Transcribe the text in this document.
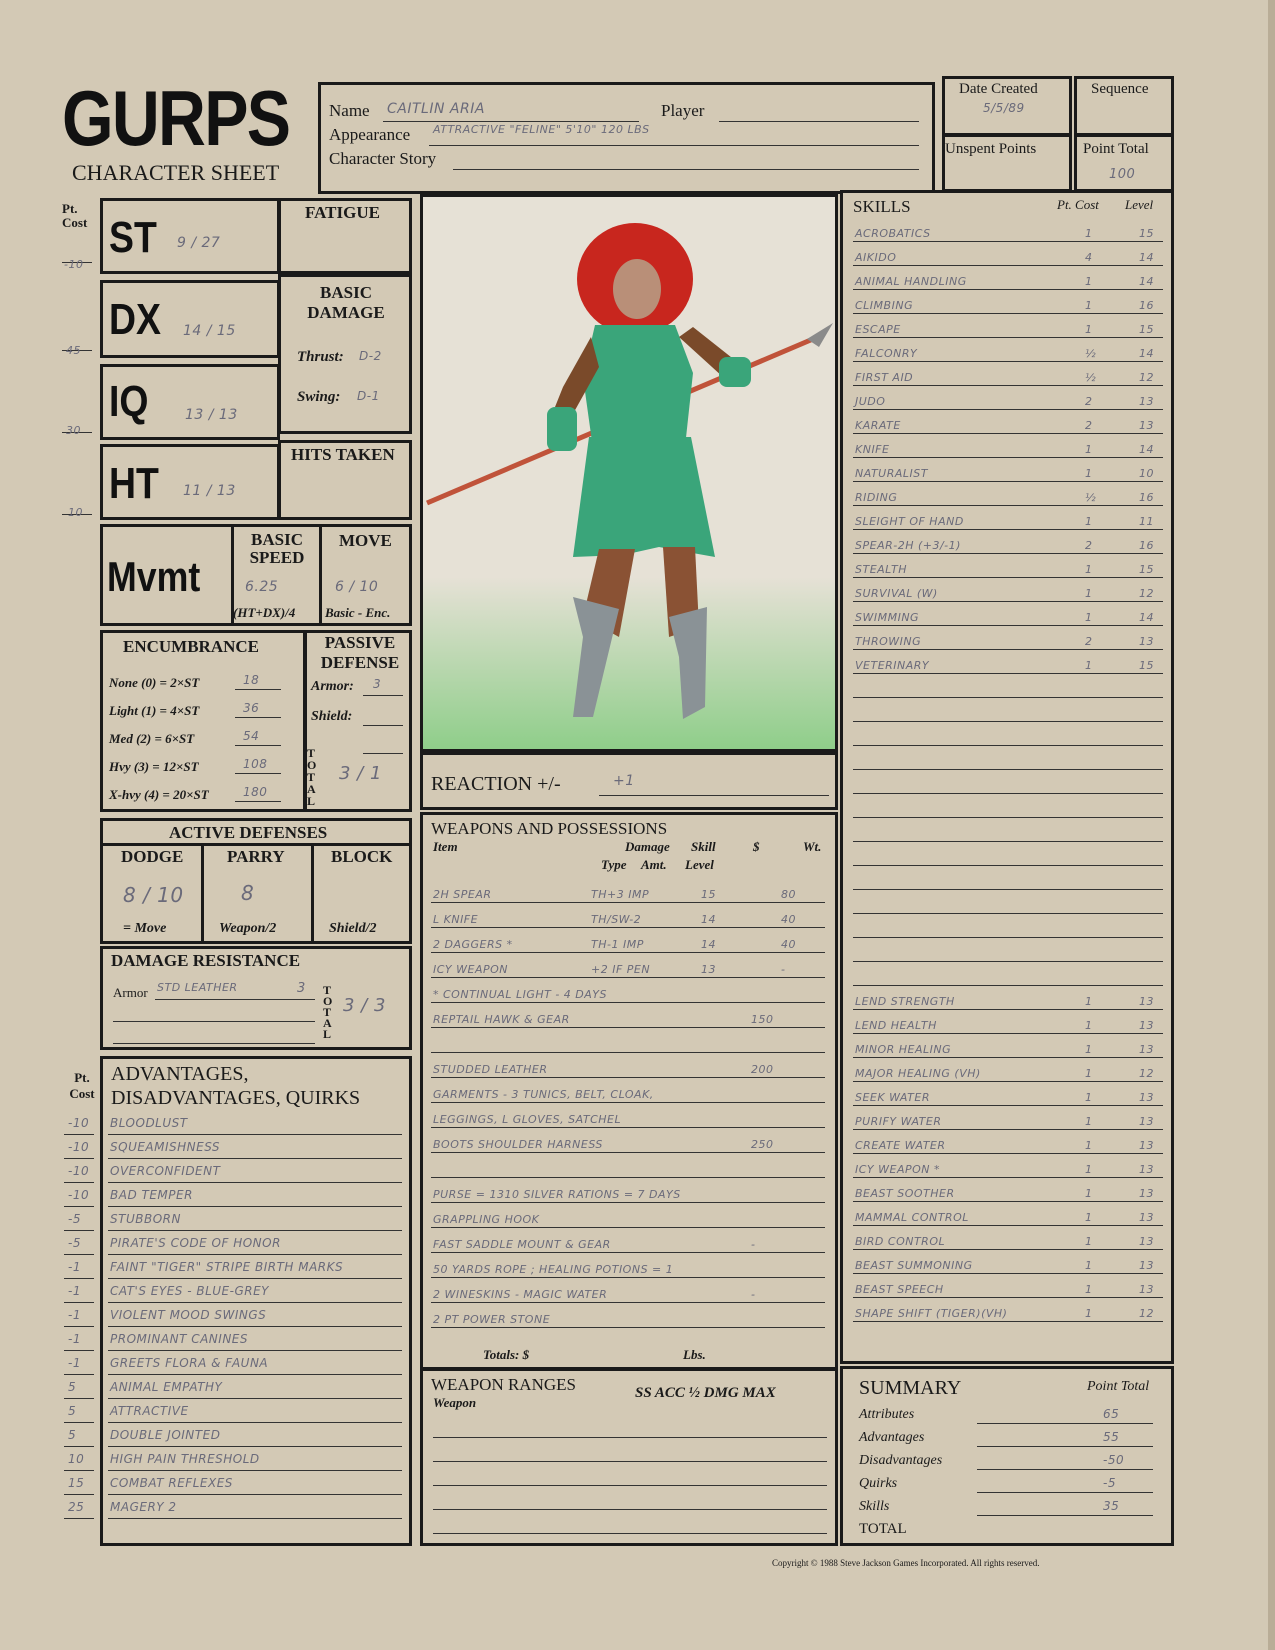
GURPS
CHARACTER SHEET
Name CAITLIN ARIA	Player
Appearance ATTRACTIVE "FELINE" 5'10" 120 LBS
Character Story
Date Created
5/5/89
Sequence
Unspent Points	Point Total
100
Pt. Cost ST 9 / 27
-10
FATIGUE
DX 14 / 15
45
BASIC DAMAGE
Thrust: D-2
Swing: D-1
IQ	13 / 13
30
HT 11 / 13
10
HITS TAKEN
Mvmt
BASIC SPEED
6.25
(HT+DX)/4
MOVE
6 / 10
Basic - Enc.
ENCUMBRANCE
None (0) = 2×ST	18
Light (1) = 4×ST	36
Med (2) = 6×ST	54
Hvy (3) = 12×ST	108
X-hvy (4) = 20×ST	180
PASSIVE DEFENSE
Armor: 3
Shield:
TOTAL
3 / 1
ACTIVE DEFENSES
DODGE	PARRY	BLOCK
8 / 10	8
= Move	Weapon/2	Shield/2
DAMAGE RESISTANCE
Armor STD LEATHER	3 TOTAL
3 / 3
Pt. Cost
ADVANTAGES,
DISADVANTAGES, QUIRKS
-10 BLOODLUST
-10 SQUEAMISHNESS
-10 OVERCONFIDENT
-10 BAD TEMPER
-5 STUBBORN
-5 PIRATE'S CODE OF HONOR
-1 FAINT "TIGER" STRIPE BIRTH MARKS
-1 CAT'S EYES - BLUE-GREY
-1 VIOLENT MOOD SWINGS
-1 PROMINANT CANINES
-1 GREETS FLORA & FAUNA
5	ANIMAL EMPATHY
5	ATTRACTIVE
5	DOUBLE JOINTED
10 HIGH PAIN THRESHOLD
15 COMBAT REFLEXES
25 MAGERY 2
REACTION +/-	+1
WEAPONS AND POSSESSIONS
Item	Damage
Type Amt.
Skill
Level
$	Wt.
2H SPEAR	TH+3 IMP	15	80
L KNIFE	TH/SW-2	14	40
2 DAGGERS *	TH-1 IMP	14	40
ICY WEAPON	+2 IF PEN	13	-
* CONTINUAL LIGHT - 4 DAYS
REPTAIL HAWK & GEAR	150
STUDDED LEATHER	200
GARMENTS - 3 TUNICS, BELT, CLOAK,
LEGGINGS, L GLOVES, SATCHEL
BOOTS SHOULDER HARNESS	250
PURSE = 1310 SILVER RATIONS = 7 DAYS
GRAPPLING HOOK
FAST SADDLE MOUNT & GEAR	-
50 YARDS ROPE ; HEALING POTIONS = 1
2 WINESKINS - MAGIC WATER	-
2 PT POWER STONE
Totals: $	Lbs.
WEAPON RANGES
Weapon
SS ACC ½ DMG MAX
SKILLS	Pt. Cost Level
ACROBATICS	1	15
AIKIDO	4	14
ANIMAL HANDLING	1	14
CLIMBING	1	16
ESCAPE	1	15
FALCONRY	½	14
FIRST AID	½	12
JUDO	2	13
KARATE	2	13
KNIFE	1	14
NATURALIST	1	10
RIDING	½	16
SLEIGHT OF HAND	1	11
SPEAR-2H (+3/-1)	2	16
STEALTH	1	15
SURVIVAL (W)	1	12
SWIMMING	1	14
THROWING	2	13
VETERINARY	1	15
LEND STRENGTH	1	13
LEND HEALTH	1	13
MINOR HEALING	1	13
MAJOR HEALING (VH)	1	12
SEEK WATER	1	13
PURIFY WATER	1	13
CREATE WATER	1	13
ICY WEAPON *	1	13
BEAST SOOTHER	1	13
MAMMAL CONTROL	1	13
BIRD CONTROL	1	13
BEAST SUMMONING	1	13
BEAST SPEECH	1	13
SHAPE SHIFT (TIGER)(VH)	1	12
SUMMARY	Point Total
Attributes	65
Advantages	55
Disadvantages	-50
Quirks	-5
Skills	35
TOTAL
Copyright © 1988 Steve Jackson Games Incorporated. All rights reserved.
